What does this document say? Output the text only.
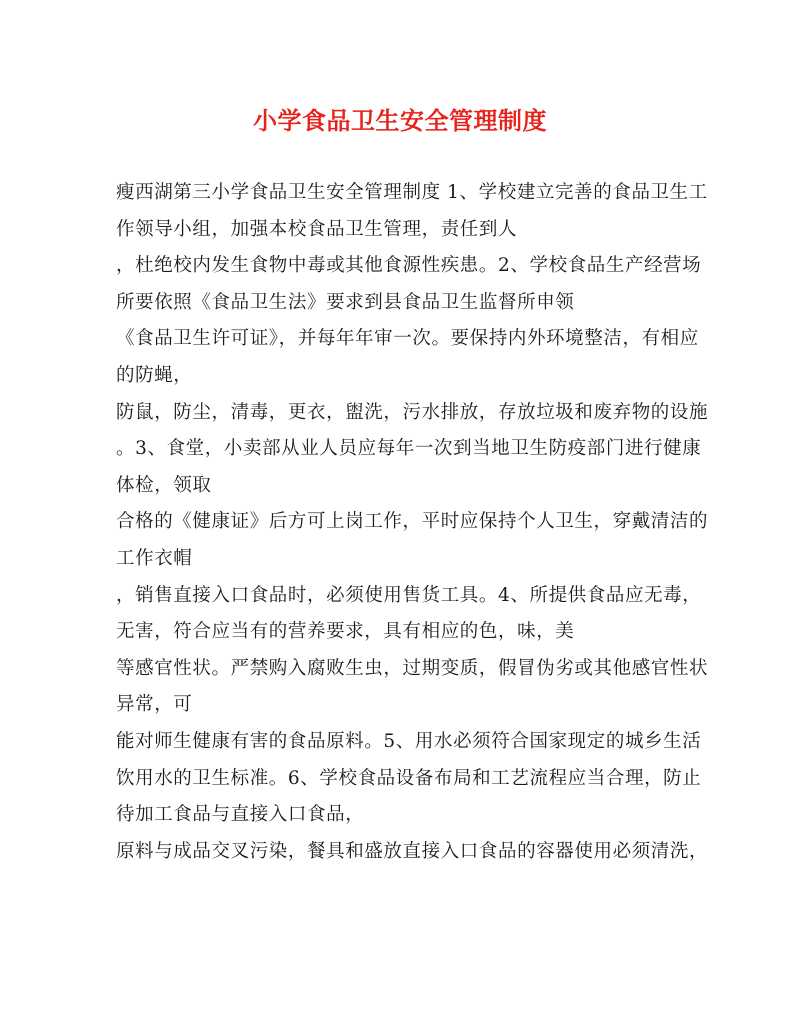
小学食品卫生安全管理制度
瘦西湖第三小学食品卫生安全管理制度 1、学校建立完善的食品卫生工
作领导小组，加强本校食品卫生管理，责任到人
，杜绝校内发生食物中毒或其他食源性疾患。2、学校食品生产经营场
所要依照《食品卫生法》要求到县食品卫生监督所申领
《食品卫生许可证》，并每年年审一次。要保持内外环境整洁，有相应
的防蝇，
防鼠，防尘，清毒，更衣，盥洗，污水排放，存放垃圾和废弃物的设施
。3、食堂，小卖部从业人员应每年一次到当地卫生防疫部门进行健康
体检，领取
合格的《健康证》后方可上岗工作，平时应保持个人卫生，穿戴清洁的
工作衣帽
，销售直接入口食品时，必须使用售货工具。4、所提供食品应无毒，
无害，符合应当有的营养要求，具有相应的色，味，美
等感官性状。严禁购入腐败生虫，过期变质，假冒伪劣或其他感官性状
异常，可
能对师生健康有害的食品原料。5、用水必须符合国家现定的城乡生活
饮用水的卫生标准。6、学校食品设备布局和工艺流程应当合理，防止
待加工食品与直接入口食品，
原料与成品交叉污染，餐具和盛放直接入口食品的容器使用必须清洗，
